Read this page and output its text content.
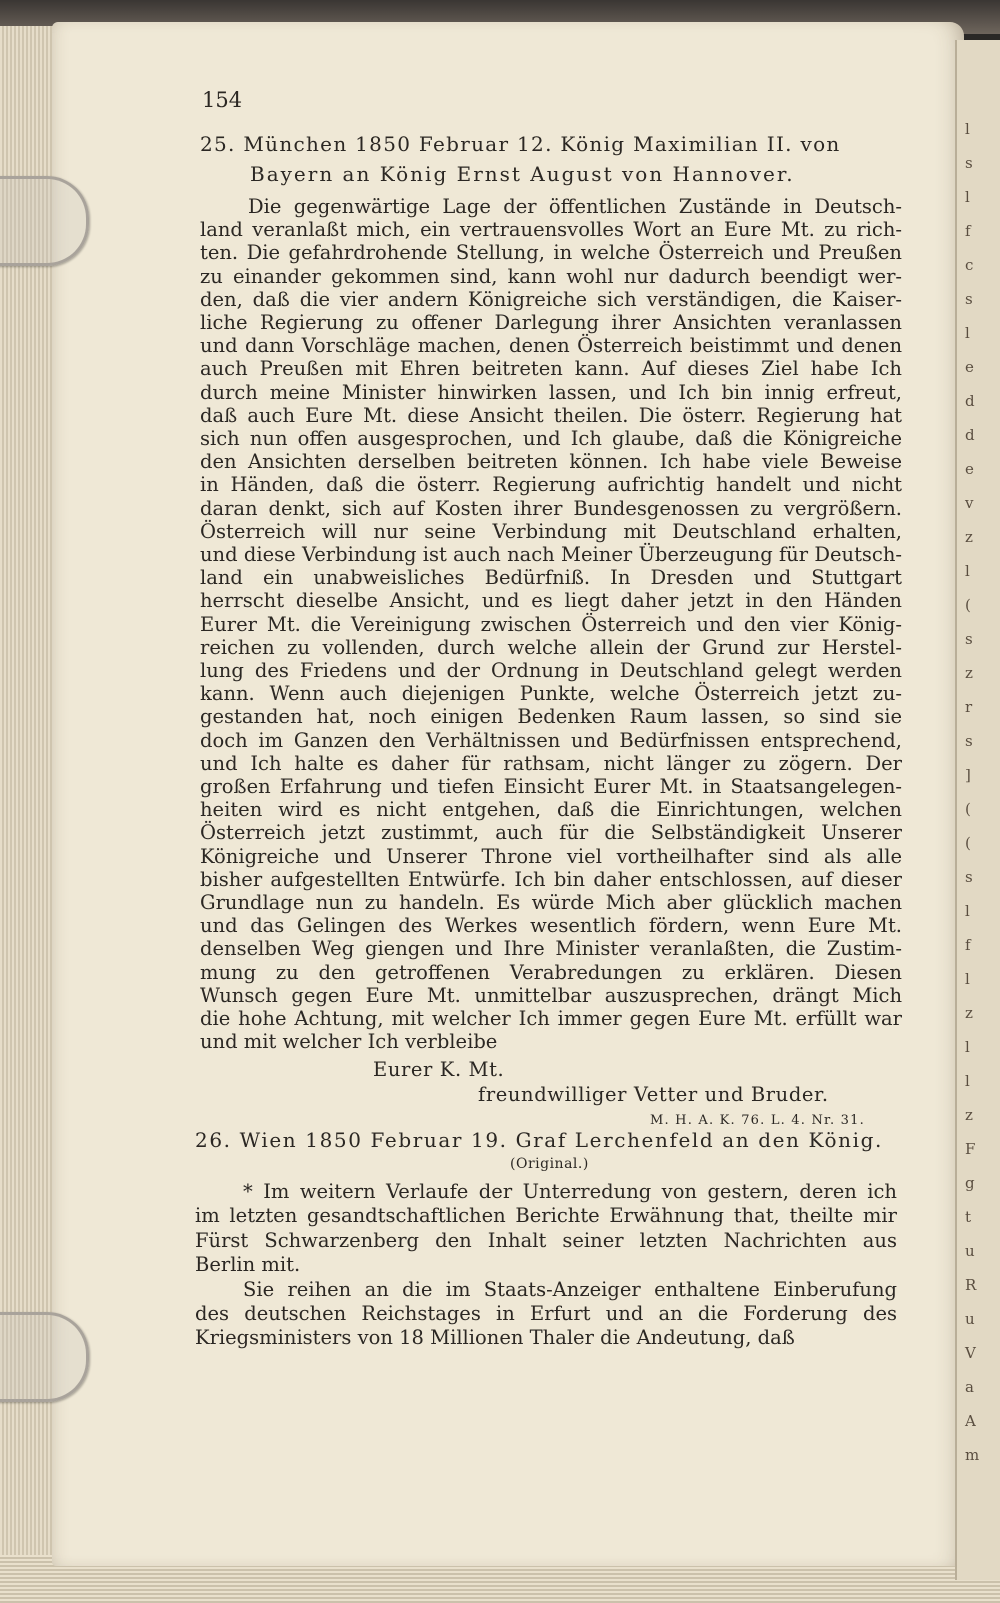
l
s
l
f
c
s
l
e
d
d
e
v
z
l
(
s
z
r
s
]
(
(
s
l
f
l
z
l
l
z
F
g
t
u
R
u
V
a
A
m
154
25. München 1850 Februar 12. König Maximilian II. von
Bayern an König Ernst August von Hannover.
Die gegenwärtige Lage der öffentlichen Zustände in Deutsch-
land veranlaßt mich, ein vertrauensvolles Wort an Eure Mt. zu rich-
ten. Die gefahrdrohende Stellung, in welche Österreich und Preußen
zu einander gekommen sind, kann wohl nur dadurch beendigt wer-
den, daß die vier andern Königreiche sich verständigen, die Kaiser-
liche Regierung zu offener Darlegung ihrer Ansichten veranlassen
und dann Vorschläge machen, denen Österreich beistimmt und denen
auch Preußen mit Ehren beitreten kann. Auf dieses Ziel habe Ich
durch meine Minister hinwirken lassen, und Ich bin innig erfreut,
daß auch Eure Mt. diese Ansicht theilen. Die österr. Regierung hat
sich nun offen ausgesprochen, und Ich glaube, daß die Königreiche
den Ansichten derselben beitreten können. Ich habe viele Beweise
in Händen, daß die österr. Regierung aufrichtig handelt und nicht
daran denkt, sich auf Kosten ihrer Bundesgenossen zu vergrößern.
Österreich will nur seine Verbindung mit Deutschland erhalten,
und diese Verbindung ist auch nach Meiner Überzeugung für Deutsch-
land ein unabweisliches Bedürfniß. In Dresden und Stuttgart
herrscht dieselbe Ansicht, und es liegt daher jetzt in den Händen
Eurer Mt. die Vereinigung zwischen Österreich und den vier König-
reichen zu vollenden, durch welche allein der Grund zur Herstel-
lung des Friedens und der Ordnung in Deutschland gelegt werden
kann. Wenn auch diejenigen Punkte, welche Österreich jetzt zu-
gestanden hat, noch einigen Bedenken Raum lassen, so sind sie
doch im Ganzen den Verhältnissen und Bedürfnissen entsprechend,
und Ich halte es daher für rathsam, nicht länger zu zögern. Der
großen Erfahrung und tiefen Einsicht Eurer Mt. in Staatsangelegen-
heiten wird es nicht entgehen, daß die Einrichtungen, welchen
Österreich jetzt zustimmt, auch für die Selbständigkeit Unserer
Königreiche und Unserer Throne viel vortheilhafter sind als alle
bisher aufgestellten Entwürfe. Ich bin daher entschlossen, auf dieser
Grundlage nun zu handeln. Es würde Mich aber glücklich machen
und das Gelingen des Werkes wesentlich fördern, wenn Eure Mt.
denselben Weg giengen und Ihre Minister veranlaßten, die Zustim-
mung zu den getroffenen Verabredungen zu erklären. Diesen
Wunsch gegen Eure Mt. unmittelbar auszusprechen, drängt Mich
die hohe Achtung, mit welcher Ich immer gegen Eure Mt. erfüllt war
und mit welcher Ich verbleibe
Eurer K. Mt.
freundwilliger Vetter und Bruder.
M. H. A. K. 76. L. 4. Nr. 31.
26. Wien 1850 Februar 19. Graf Lerchenfeld an den König.
(Original.)
* Im weitern Verlaufe der Unterredung von gestern, deren ich
im letzten gesandtschaftlichen Berichte Erwähnung that, theilte mir
Fürst Schwarzenberg den Inhalt seiner letzten Nachrichten aus
Berlin mit.
Sie reihen an die im Staats-Anzeiger enthaltene Einberufung
des deutschen Reichstages in Erfurt und an die Forderung des
Kriegsministers von 18 Millionen Thaler die Andeutung, daß
